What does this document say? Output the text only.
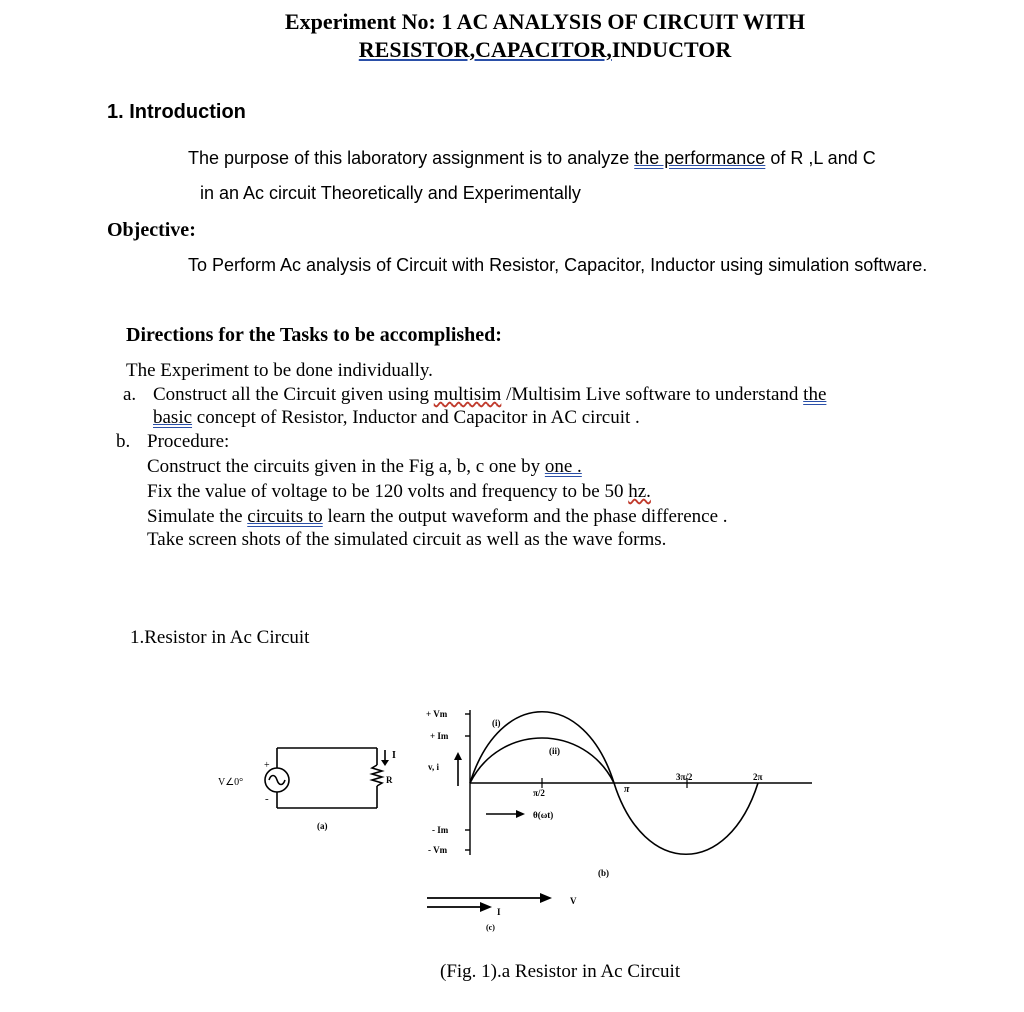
Experiment No: 1 AC ANALYSIS OF CIRCUIT WITH
RESISTOR,CAPACITOR,INDUCTOR
1. Introduction
The purpose of this laboratory assignment is to analyze the performance of R ,L and C
in an Ac circuit Theoretically and Experimentally
Objective:
To Perform Ac analysis of Circuit with Resistor, Capacitor, Inductor using simulation software.
Directions for the Tasks to be accomplished:
The Experiment to be done individually.
a. Construct all the Circuit given using multisim /Multisim Live software to understand the
basic concept of Resistor, Inductor and Capacitor in AC circuit .
b. Procedure:
Construct the circuits given in the Fig a, b, c one by one .
Fix the value of voltage to be 120 volts and frequency to be 50 hz.
Simulate the circuits to learn the output waveform and the phase difference .
Take screen shots of the simulated circuit as well as the wave forms.
1.Resistor in Ac Circuit
V∠0°
+
-
I
R
(a)
+ Vm
+ Im
- Im
- Vm
v, i
(i)
(ii)
π/2	π
3π/2	2π
θ(ωt)
(b)
I
V
(c)
(Fig. 1).a Resistor in Ac Circuit
